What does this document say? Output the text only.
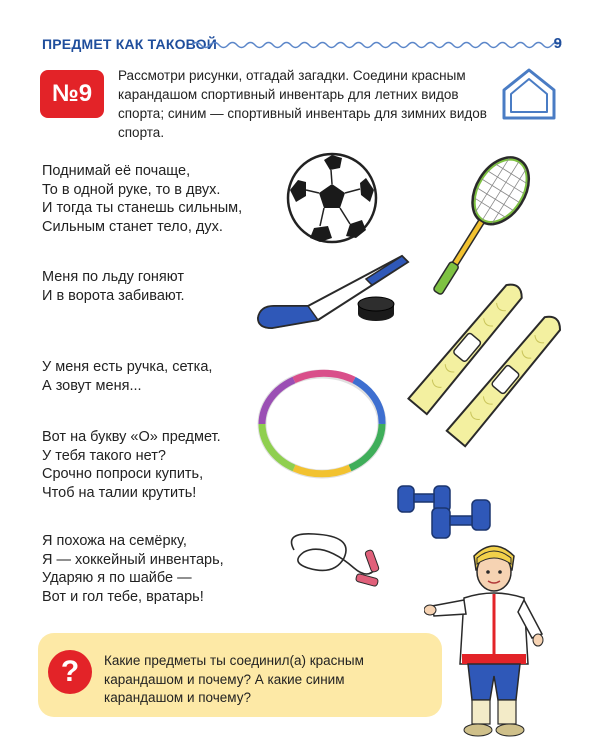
ПРЕДМЕТ КАК ТАКОВОЙ	9
№9
Рассмотри рисунки, отгадай загадки. Соедини красным карандашом спортивный инвентарь для летних видов спорта; синим — спортивный инвентарь для зимних видов спорта.
Поднимай её почаще,
То в одной руке, то в двух.
И тогда ты станешь сильным,
Сильным станет тело, дух.
Меня по льду гоняют
И в ворота забивают.
У меня есть ручка, сетка,
А зовут меня...
Вот на букву «О» предмет.
У тебя такого нет?
Срочно попроси купить,
Чтоб на талии крутить!
Я похожа на семёрку,
Я — хоккейный инвентарь,
Ударяю я по шайбе —
Вот и гол тебе, вратарь!
?	Какие предметы ты соединил(а) красным
карандашом и почему? А какие синим
карандашом и почему?
